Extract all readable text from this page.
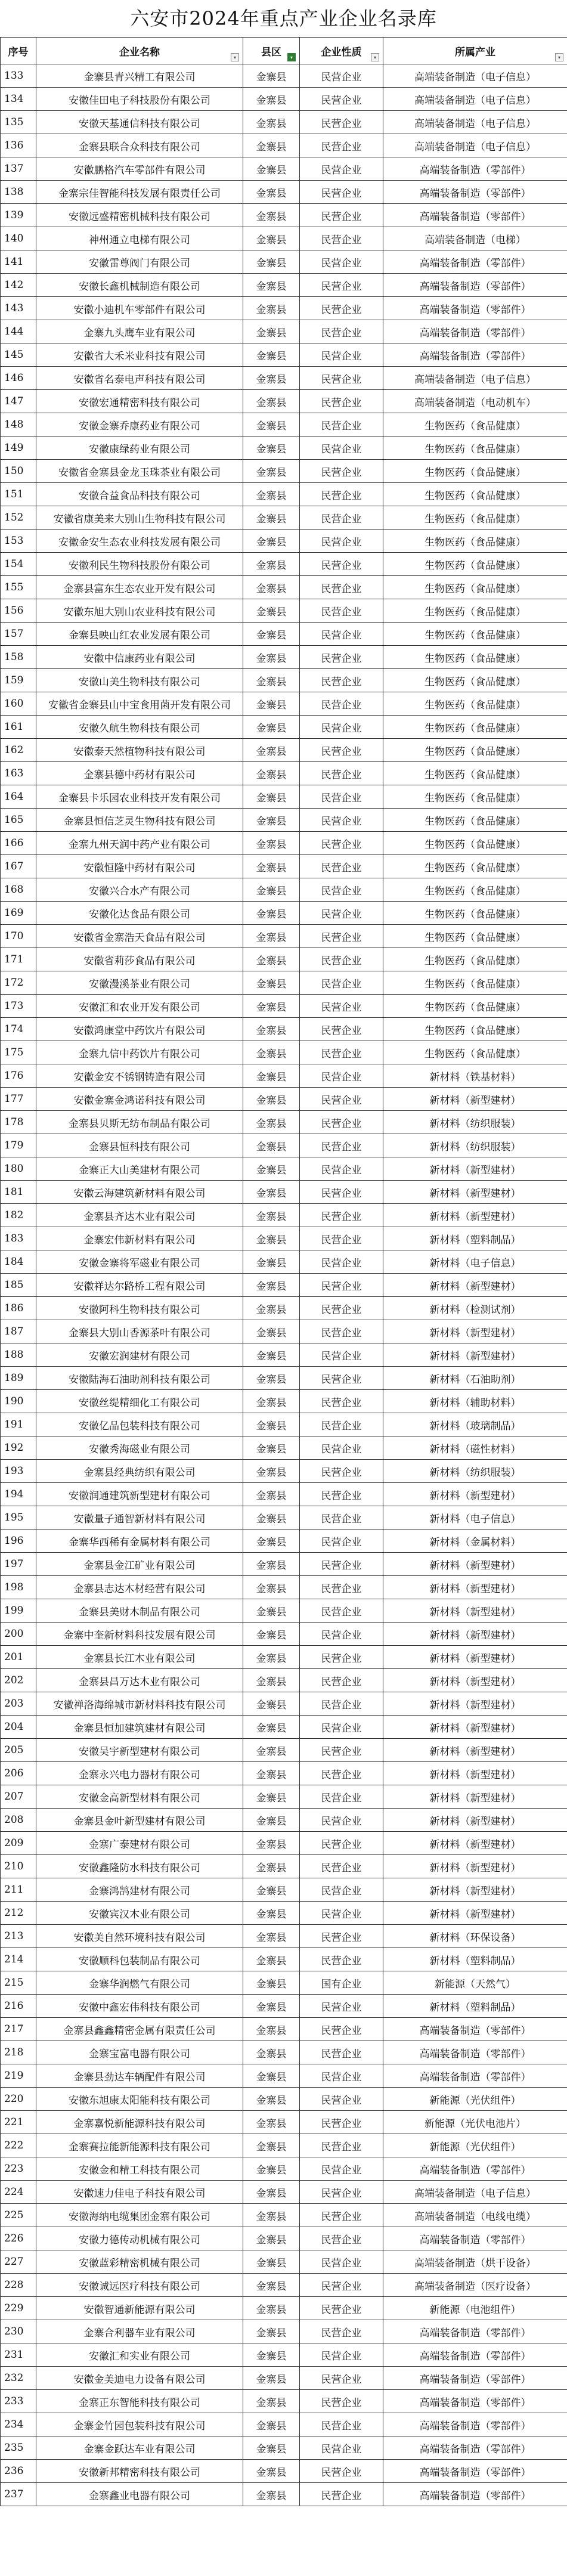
六安市2024年重点产业企业名录库
序号	企业名称 ▾	县区 ▾	企业性质 ▾	所属产业 ▾

133	金寨县青兴精工有限公司	金寨县	民营企业	高端装备制造（电子信息）
134	安徽佳田电子科技股份有限公司	金寨县	民营企业	高端装备制造（电子信息）
135	安徽天基通信科技有限公司	金寨县	民营企业	高端装备制造（电子信息）
136	金寨县联合众科技有限公司	金寨县	民营企业	高端装备制造（电子信息）
137	安徽鹏格汽车零部件有限公司	金寨县	民营企业	高端装备制造（零部件）
138	金寨宗佳智能科技发展有限责任公司	金寨县	民营企业	高端装备制造（零部件）
139	安徽远盛精密机械科技有限公司	金寨县	民营企业	高端装备制造（零部件）
140	神州通立电梯有限公司	金寨县	民营企业	高端装备制造（电梯）
141	安徽雷尊阀门有限公司	金寨县	民营企业	高端装备制造（零部件）
142	安徽长鑫机械制造有限公司	金寨县	民营企业	高端装备制造（零部件）
143	安徽小迪机车零部件有限公司	金寨县	民营企业	高端装备制造（零部件）
144	金寨九头鹰车业有限公司	金寨县	民营企业	高端装备制造（零部件）
145	安徽省大禾米业科技有限公司	金寨县	民营企业	高端装备制造（零部件）
146	安徽省名泰电声科技有限公司	金寨县	民营企业	高端装备制造（电子信息）
147	安徽宏通精密科技有限公司	金寨县	民营企业	高端装备制造（电动机车）
148	安徽金寨乔康药业有限公司	金寨县	民营企业	生物医药（食品健康）
149	安徽康绿药业有限公司	金寨县	民营企业	生物医药（食品健康）
150	安徽省金寨县金龙玉珠茶业有限公司	金寨县	民营企业	生物医药（食品健康）
151	安徽合益食品科技有限公司	金寨县	民营企业	生物医药（食品健康）
152	安徽省康美来大别山生物科技有限公司	金寨县	民营企业	生物医药（食品健康）
153	安徽金安生态农业科技发展有限公司	金寨县	民营企业	生物医药（食品健康）
154	安徽利民生物科技股份有限公司	金寨县	民营企业	生物医药（食品健康）
155	金寨县富东生态农业开发有限公司	金寨县	民营企业	生物医药（食品健康）
156	安徽东旭大别山农业科技有限公司	金寨县	民营企业	生物医药（食品健康）
157	金寨县映山红农业发展有限公司	金寨县	民营企业	生物医药（食品健康）
158	安徽中信康药业有限公司	金寨县	民营企业	生物医药（食品健康）
159	安徽山美生物科技有限公司	金寨县	民营企业	生物医药（食品健康）
160	安徽省金寨县山中宝食用菌开发有限公司	金寨县	民营企业	生物医药（食品健康）
161	安徽久航生物科技有限公司	金寨县	民营企业	生物医药（食品健康）
162	安徽泰天然植物科技有限公司	金寨县	民营企业	生物医药（食品健康）
163	金寨县德中药材有限公司	金寨县	民营企业	生物医药（食品健康）
164	金寨县卡乐园农业科技开发有限公司	金寨县	民营企业	生物医药（食品健康）
165	金寨县恒信芝灵生物科技有限公司	金寨县	民营企业	生物医药（食品健康）
166	金寨九州天润中药产业有限公司	金寨县	民营企业	生物医药（食品健康）
167	安徽恒隆中药材有限公司	金寨县	民营企业	生物医药（食品健康）
168	安徽兴合水产有限公司	金寨县	民营企业	生物医药（食品健康）
169	安徽化达食品有限公司	金寨县	民营企业	生物医药（食品健康）
170	安徽省金寨浩天食品有限公司	金寨县	民营企业	生物医药（食品健康）
171	安徽省莉莎食品有限公司	金寨县	民营企业	生物医药（食品健康）
172	安徽漫溪茶业有限公司	金寨县	民营企业	生物医药（食品健康）
173	安徽汇和农业开发有限公司	金寨县	民营企业	生物医药（食品健康）
174	安徽鸿康堂中药饮片有限公司	金寨县	民营企业	生物医药（食品健康）
175	金寨九信中药饮片有限公司	金寨县	民营企业	生物医药（食品健康）
176	安徽金安不锈钢铸造有限公司	金寨县	民营企业	新材料（铁基材料）
177	安徽金寨金鸿诺科技有限公司	金寨县	民营企业	新材料（新型建材）
178	金寨县贝斯无纺布制品有限公司	金寨县	民营企业	新材料（纺织服装）
179	金寨县恒科技有限公司	金寨县	民营企业	新材料（纺织服装）
180	金寨正大山美建材有限公司	金寨县	民营企业	新材料（新型建材）
181	安徽云海建筑新材料有限公司	金寨县	民营企业	新材料（新型建材）
182	金寨县齐达木业有限公司	金寨县	民营企业	新材料（新型建材）
183	金寨宏伟新材料有限公司	金寨县	民营企业	新材料（塑料制品）
184	安徽金寨将军磁业有限公司	金寨县	民营企业	新材料（电子信息）
185	安徽祥达尔路桥工程有限公司	金寨县	民营企业	新材料（新型建材）
186	安徽阿科生物科技有限公司	金寨县	民营企业	新材料（检测试剂）
187	金寨县大别山香源茶叶有限公司	金寨县	民营企业	新材料（新型建材）
188	安徽宏润建材有限公司	金寨县	民营企业	新材料（新型建材）
189	安徽陆海石油助剂科技有限公司	金寨县	民营企业	新材料（石油助剂）
190	安徽丝缇精细化工有限公司	金寨县	民营企业	新材料（辅助材料）
191	安徽亿品包装科技有限公司	金寨县	民营企业	新材料（玻璃制品）
192	安徽秀海磁业有限公司	金寨县	民营企业	新材料（磁性材料）
193	金寨县经典纺织有限公司	金寨县	民营企业	新材料（纺织服装）
194	安徽润通建筑新型建材有限公司	金寨县	民营企业	新材料（新型建材）
195	安徽量子通智新材料有限公司	金寨县	民营企业	新材料（电子信息）
196	金寨华西稀有金属材料有限公司	金寨县	民营企业	新材料（金属材料）
197	金寨县金江矿业有限公司	金寨县	民营企业	新材料（新型建材）
198	金寨县志达木材经营有限公司	金寨县	民营企业	新材料（新型建材）
199	金寨县美财木制品有限公司	金寨县	民营企业	新材料（新型建材）
200	金寨中奎新材料科技发展有限公司	金寨县	民营企业	新材料（新型建材）
201	金寨县长江木业有限公司	金寨县	民营企业	新材料（新型建材）
202	金寨县昌万达木业有限公司	金寨县	民营企业	新材料（新型建材）
203	安徽禅洛海绵城市新材料科技有限公司	金寨县	民营企业	新材料（新型建材）
204	金寨县恒加建筑建材有限公司	金寨县	民营企业	新材料（新型建材）
205	安徽吴宇新型建材有限公司	金寨县	民营企业	新材料（新型建材）
206	金寨永兴电力器材有限公司	金寨县	民营企业	新材料（新型建材）
207	安徽金高新型材料有限公司	金寨县	民营企业	新材料（新型建材）
208	金寨县金叶新型建材有限公司	金寨县	民营企业	新材料（新型建材）
209	金寨广泰建材有限公司	金寨县	民营企业	新材料（新型建材）
210	安徽鑫隆防水科技有限公司	金寨县	民营企业	新材料（新型建材）
211	金寨鸿鹄建材有限公司	金寨县	民营企业	新材料（新型建材）
212	安徽宾汉木业有限公司	金寨县	民营企业	新材料（新型建材）
213	安徽美自然环境科技有限公司	金寨县	民营企业	新材料（环保设备）
214	安徽顺科包装制品有限公司	金寨县	民营企业	新材料（塑料制品）
215	金寨华润燃气有限公司	金寨县	国有企业	新能源（天然气）
216	安徽中鑫宏伟科技有限公司	金寨县	民营企业	新材料（塑料制品）
217	金寨县鑫鑫精密金属有限责任公司	金寨县	民营企业	高端装备制造（零部件）
218	金寨宝富电器有限公司	金寨县	民营企业	高端装备制造（零部件）
219	金寨县劲达车辆配件有限公司	金寨县	民营企业	高端装备制造（零部件）
220	安徽东旭康太阳能科技有限公司	金寨县	民营企业	新能源（光伏组件）
221	金寨嘉悦新能源科技有限公司	金寨县	民营企业	新能源（光伏电池片）
222	金寨赛拉能新能源科技有限公司	金寨县	民营企业	新能源（光伏组件）
223	安徽金和精工科技有限公司	金寨县	民营企业	高端装备制造（零部件）
224	安徽速力佳电子科技有限公司	金寨县	民营企业	高端装备制造（电子信息）
225	安徽海纳电缆集团金寨有限公司	金寨县	民营企业	高端装备制造（电线电缆）
226	安徽力德传动机械有限公司	金寨县	民营企业	高端装备制造（零部件）
227	安徽蓝彩精密机械有限公司	金寨县	民营企业	高端装备制造（烘干设备）
228	安徽诚远医疗科技有限公司	金寨县	民营企业	高端装备制造（医疗设备）
229	安徽智通新能源有限公司	金寨县	民营企业	新能源（电池组件）
230	金寨合利器车业有限公司	金寨县	民营企业	高端装备制造（零部件）
231	安徽汇和实业有限公司	金寨县	民营企业	高端装备制造（零部件）
232	安徽金美迪电力设备有限公司	金寨县	民营企业	高端装备制造（零部件）
233	金寨正东智能科技有限公司	金寨县	民营企业	高端装备制造（零部件）
234	金寨金竹园包装科技有限公司	金寨县	民营企业	高端装备制造（零部件）
235	金寨金跃达车业有限公司	金寨县	民营企业	高端装备制造（零部件）
236	安徽新邦精密科技有限公司	金寨县	民营企业	高端装备制造（零部件）
237	金寨鑫业电器有限公司	金寨县	民营企业	高端装备制造（零部件）
